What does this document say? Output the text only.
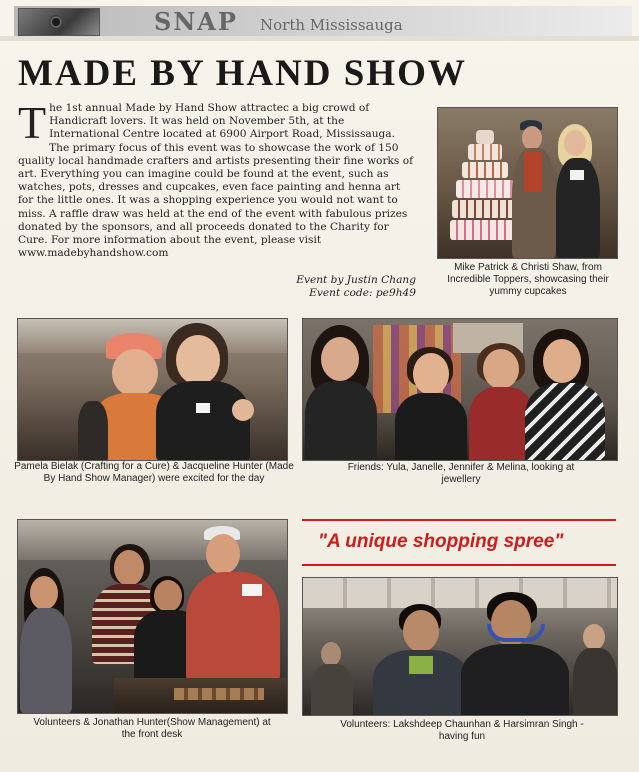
SNAP North Mississauga
MADE BY HAND SHOW
The 1st annual Made by Hand Show attractec a big crowd of Handicraft lovers. It was held on November 5th, at the International Centre located at 6900 Airport Road, Mississauga. The primary focus of this event was to showcase the work of 150 quality local handmade crafters and artists presenting their fine works of art. Everything you can imagine could be found at the event, such as watches, pots, dresses and cupcakes, even face painting and henna art for the little ones. It was a shopping experience you would not want to miss. A raffle draw was held at the end of the event with fabulous prizes donated by the sponsors, and all proceeds donated to the Charity for Cure. For more information about the event, please visit www.madebyhandshow.com
Event by Justin Chang
Event code: pe9h49
Mike Patrick & Christi Shaw, from Incredible Toppers, showcasing their yummy cupcakes
Pamela Bielak (Crafting for a Cure) & Jacqueline Hunter (Made By Hand Show Manager) were excited for the day
Friends: Yula, Janelle, Jennifer & Melina, looking at jewellery
Volunteers & Jonathan Hunter(Show Management) at the front desk
"A unique shopping spree"
Volunteers: Lakshdeep Chaunhan & Harsimran Singh - having fun
